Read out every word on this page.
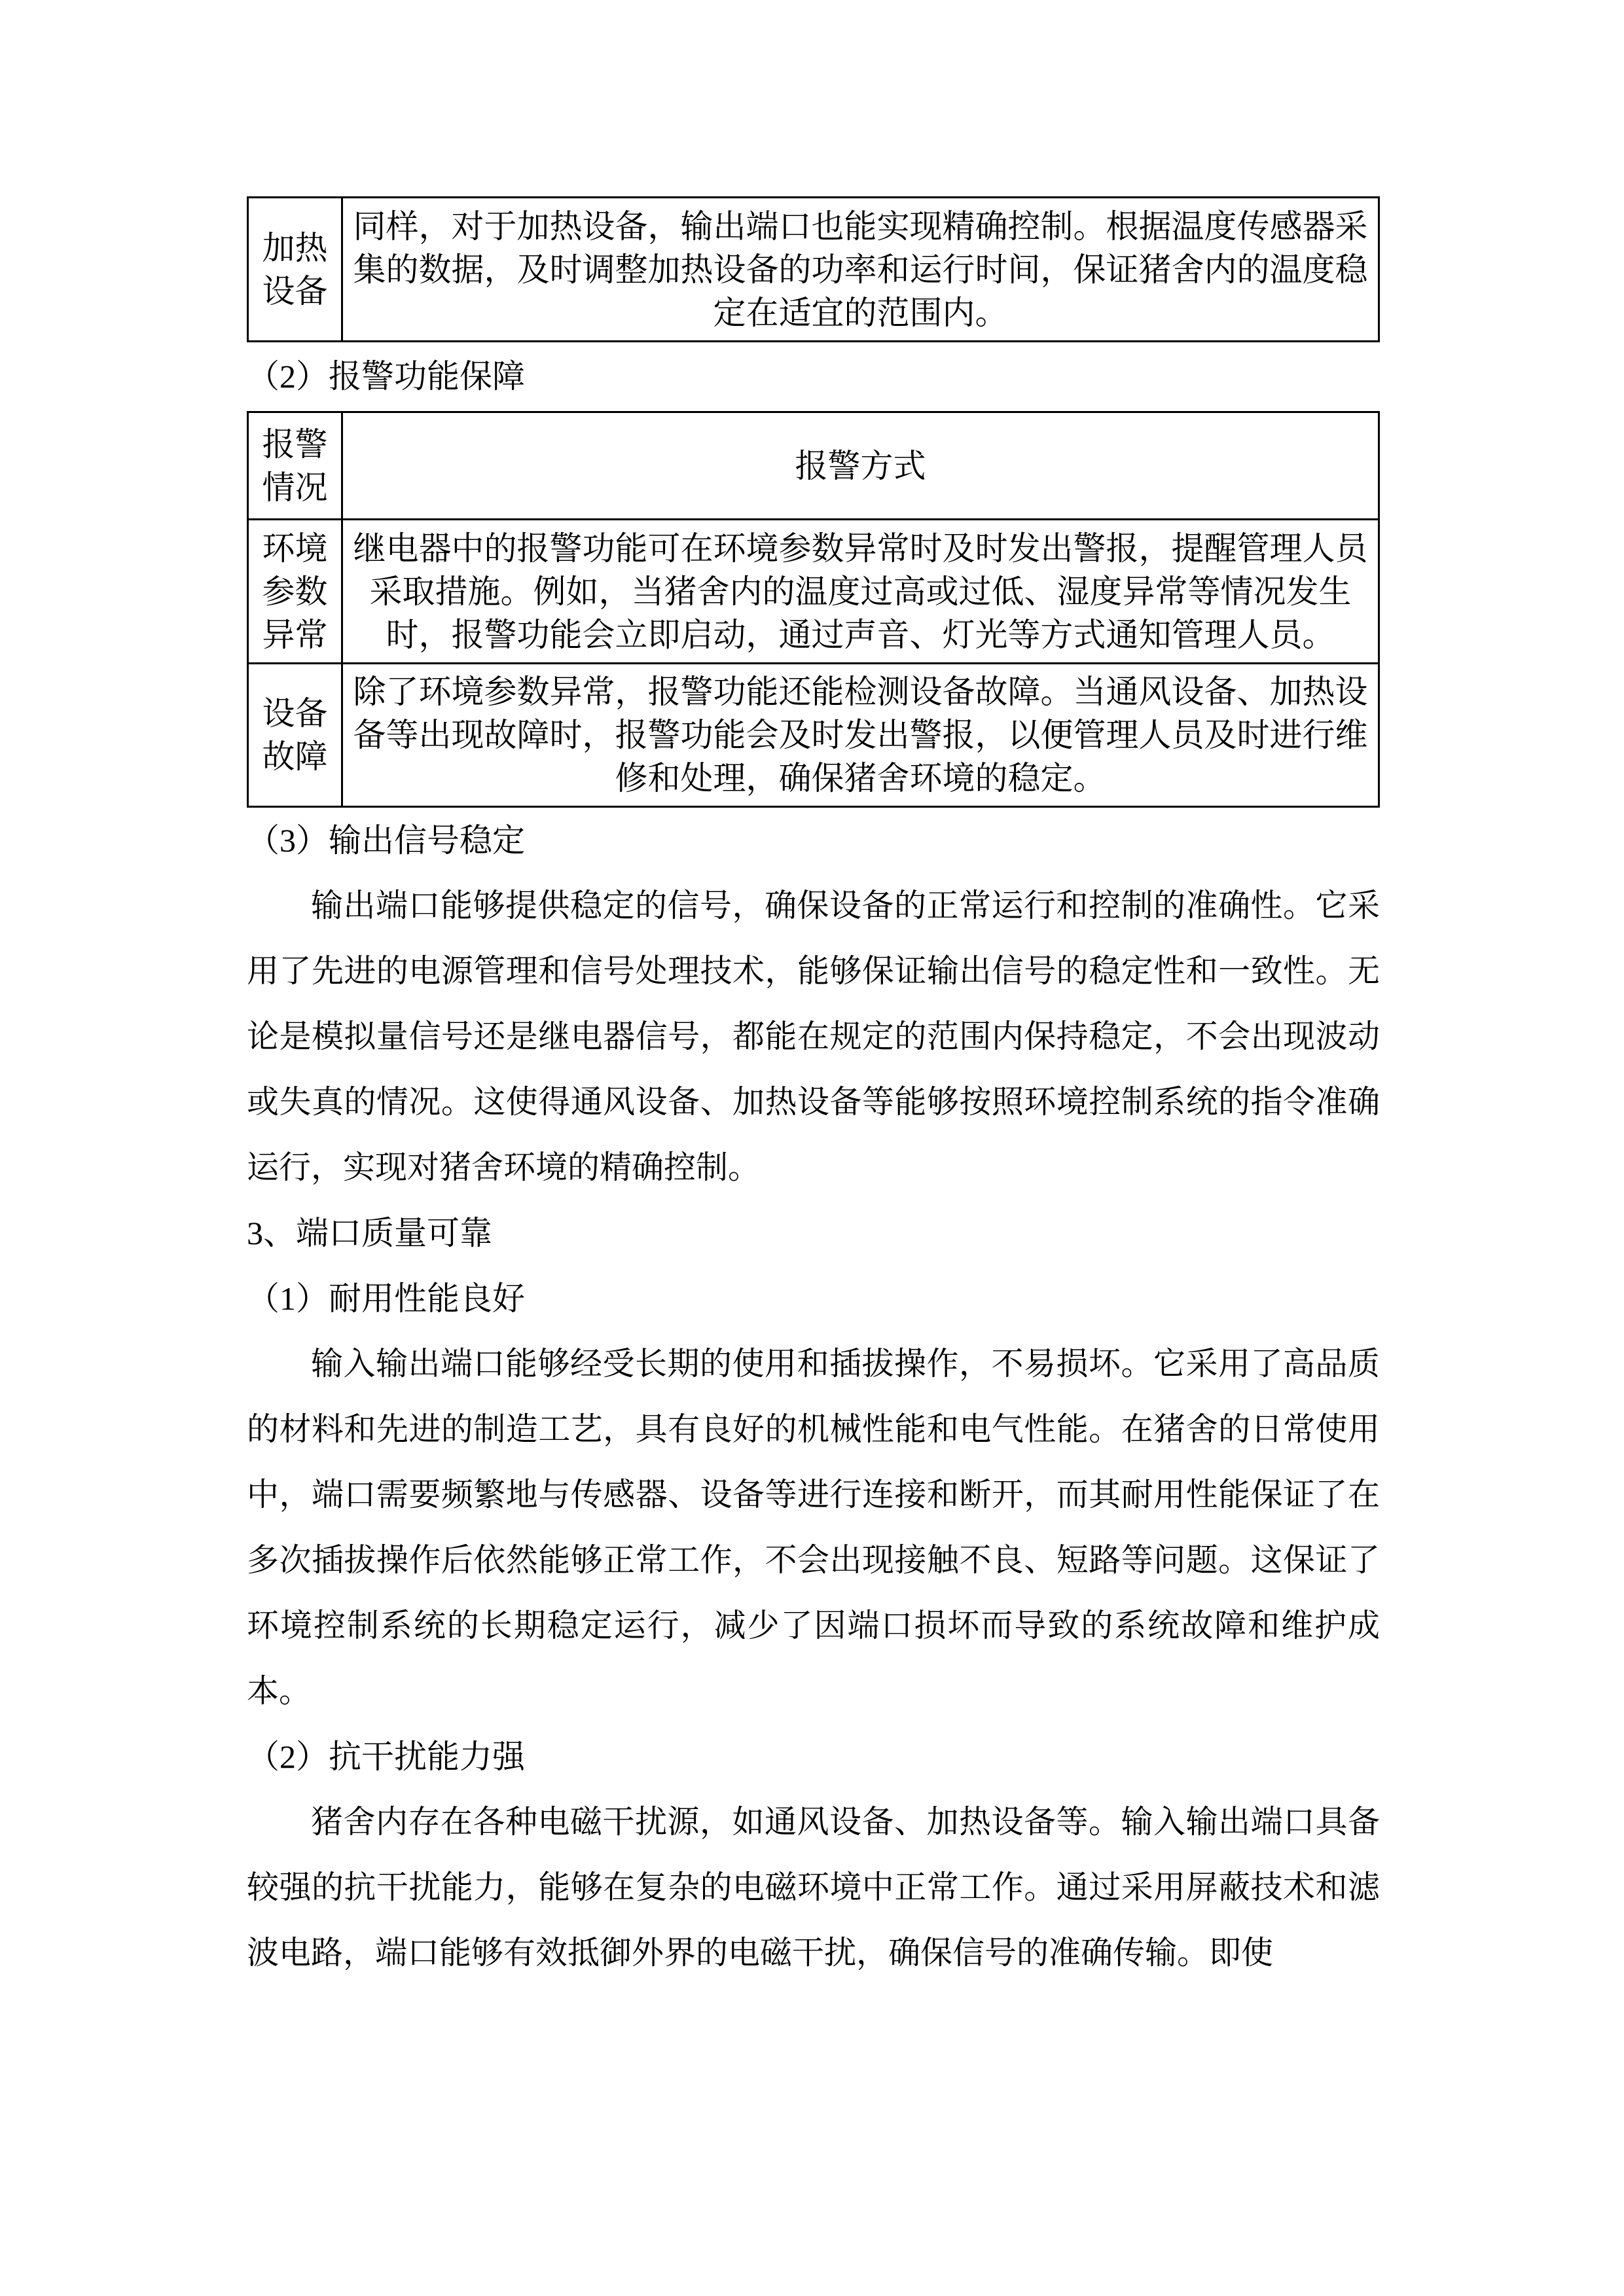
加热设备	同样，对于加热设备，输出端口也能实现精确控制。根据温度传感器采集的数据，及时调整加热设备的功率和运行时间，保证猪舍内的温度稳定在适宜的范围内。
（2）报警功能保障
报警情况	报警方式
环境参数异常	继电器中的报警功能可在环境参数异常时及时发出警报，提醒管理人员采取措施。例如，当猪舍内的温度过高或过低、湿度异常等情况发生时，报警功能会立即启动，通过声音、灯光等方式通知管理人员。
设备故障	除了环境参数异常，报警功能还能检测设备故障。当通风设备、加热设备等出现故障时，报警功能会及时发出警报，以便管理人员及时进行维修和处理，确保猪舍环境的稳定。
（3）输出信号稳定

输出端口能够提供稳定的信号，确保设备的正常运行和控制的准确性。它采用了先进的电源管理和信号处理技术，能够保证输出信号的稳定性和一致性。无论是模拟量信号还是继电器信号，都能在规定的范围内保持稳定，不会出现波动或失真的情况。这使得通风设备、加热设备等能够按照环境控制系统的指令准确运行，实现对猪舍环境的精确控制。

3、端口质量可靠
（1）耐用性能良好

输入输出端口能够经受长期的使用和插拔操作，不易损坏。它采用了高品质的材料和先进的制造工艺，具有良好的机械性能和电气性能。在猪舍的日常使用中，端口需要频繁地与传感器、设备等进行连接和断开，而其耐用性能保证了在多次插拔操作后依然能够正常工作，不会出现接触不良、短路等问题。这保证了环境控制系统的长期稳定运行，减少了因端口损坏而导致的系统故障和维护成本。

（2）抗干扰能力强

猪舍内存在各种电磁干扰源，如通风设备、加热设备等。输入输出端口具备较强的抗干扰能力，能够在复杂的电磁环境中正常工作。通过采用屏蔽技术和滤波电路，端口能够有效抵御外界的电磁干扰，确保信号的准确传输。即使
